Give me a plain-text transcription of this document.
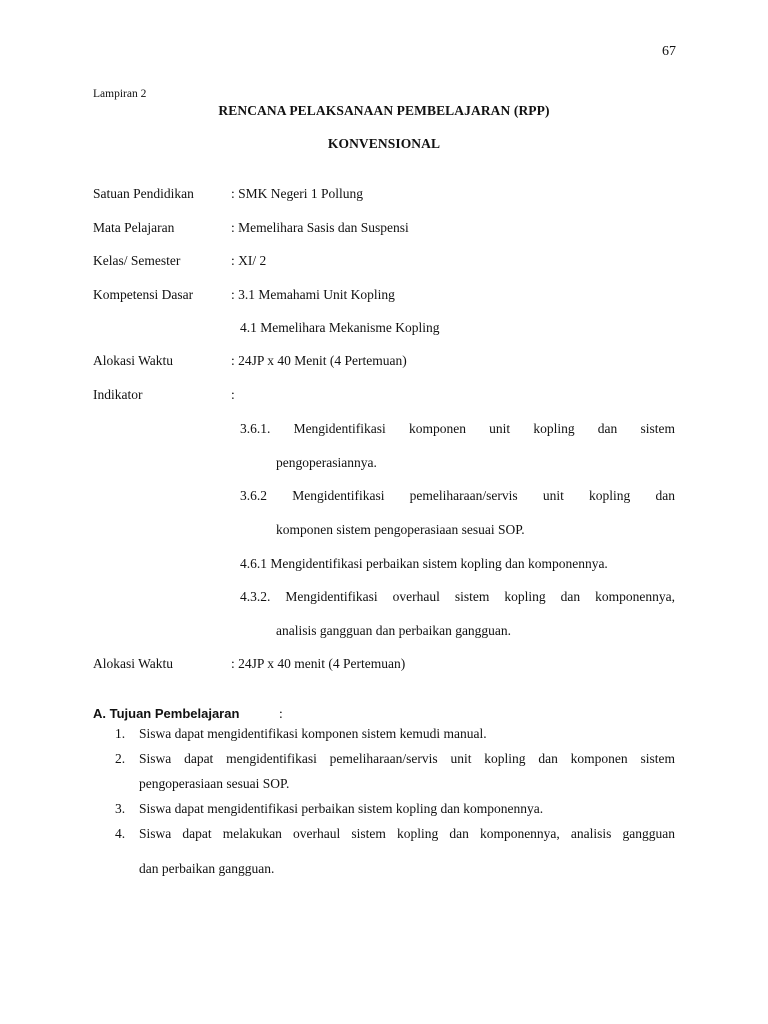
67
Lampiran 2
RENCANA PELAKSANAAN PEMBELAJARAN (RPP)
KONVENSIONAL
Satuan Pendidikan	: SMK Negeri 1 Pollung
Mata Pelajaran	: Memelihara Sasis dan Suspensi
Kelas/ Semester	: XI/ 2
Kompetensi Dasar	: 3.1 Memahami Unit Kopling
4.1 Memelihara Mekanisme Kopling
Alokasi Waktu	: 24JP x 40 Menit (4 Pertemuan)
Indikator	:
3.6.1. Mengidentifikasi komponen unit kopling dan sistem
pengoperasiannya.
3.6.2 Mengidentifikasi pemeliharaan/servis unit kopling dan
komponen sistem pengoperasiaan sesuai SOP.
4.6.1 Mengidentifikasi perbaikan sistem kopling dan komponennya.
4.3.2. Mengidentifikasi overhaul sistem kopling dan komponennya,
analisis gangguan dan perbaikan gangguan.
Alokasi Waktu	: 24JP x 40 menit (4 Pertemuan)
A. Tujuan Pembelajaran	:
1. Siswa dapat mengidentifikasi komponen sistem kemudi manual.
2. Siswa dapat mengidentifikasi pemeliharaan/servis unit kopling dan komponen sistem
pengoperasiaan sesuai SOP.
3. Siswa dapat mengidentifikasi perbaikan sistem kopling dan komponennya.
4. Siswa dapat melakukan overhaul sistem kopling dan komponennya, analisis gangguan
dan perbaikan gangguan.
